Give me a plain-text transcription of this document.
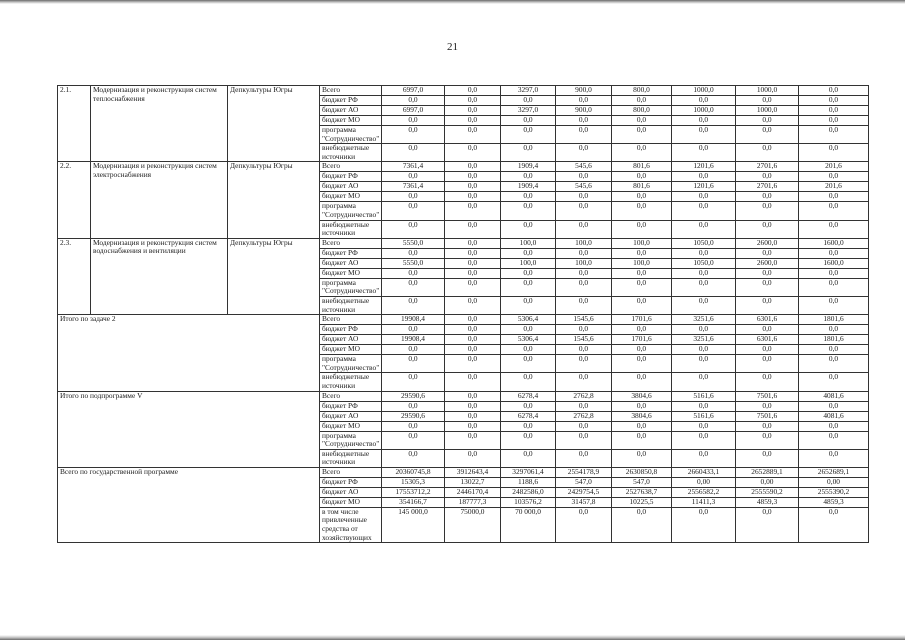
21
2.1.	Модернизация и реконструкция систем теплоснабжения	Депкультуры Югры	Всего	6997,0	0,0	3297,0	900,0	800,0	1000,0	1000,0	0,0
			бюджет РФ	0,0	0,0	0,0	0,0	0,0	0,0	0,0	0,0
			бюджет АО	6997,0	0,0	3297,0	900,0	800,0	1000,0	1000,0	0,0
			бюджет МО	0,0	0,0	0,0	0,0	0,0	0,0	0,0	0,0
			программа "Сотрудничество"	0,0	0,0	0,0	0,0	0,0	0,0	0,0	0,0
			внебюджетные источники	0,0	0,0	0,0	0,0	0,0	0,0	0,0	0,0
2.2.	Модернизация и реконструкция систем электроснабжения	Депкультуры Югры	Всего	7361,4	0,0	1909,4	545,6	801,6	1201,6	2701,6	201,6
			бюджет РФ	0,0	0,0	0,0	0,0	0,0	0,0	0,0	0,0
			бюджет АО	7361,4	0,0	1909,4	545,6	801,6	1201,6	2701,6	201,6
			бюджет МО	0,0	0,0	0,0	0,0	0,0	0,0	0,0	0,0
			программа "Сотрудничество"	0,0	0,0	0,0	0,0	0,0	0,0	0,0	0,0
			внебюджетные источники	0,0	0,0	0,0	0,0	0,0	0,0	0,0	0,0
2.3.	Модернизация и реконструкция систем водоснабжения и вентиляции	Депкультуры Югры	Всего	5550,0	0,0	100,0	100,0	100,0	1050,0	2600,0	1600,0
			бюджет РФ	0,0	0,0	0,0	0,0	0,0	0,0	0,0	0,0
			бюджет АО	5550,0	0,0	100,0	100,0	100,0	1050,0	2600,0	1600,0
			бюджет МО	0,0	0,0	0,0	0,0	0,0	0,0	0,0	0,0
			программа "Сотрудничество"	0,0	0,0	0,0	0,0	0,0	0,0	0,0	0,0
			внебюджетные источники	0,0	0,0	0,0	0,0	0,0	0,0	0,0	0,0
Итого по задаче 2			Всего	19908,4	0,0	5306,4	1545,6	1701,6	3251,6	6301,6	1801,6
			бюджет РФ	0,0	0,0	0,0	0,0	0,0	0,0	0,0	0,0
			бюджет АО	19908,4	0,0	5306,4	1545,6	1701,6	3251,6	6301,6	1801,6
			бюджет МО	0,0	0,0	0,0	0,0	0,0	0,0	0,0	0,0
			программа "Сотрудничество"	0,0	0,0	0,0	0,0	0,0	0,0	0,0	0,0
			внебюджетные источники	0,0	0,0	0,0	0,0	0,0	0,0	0,0	0,0
Итого по подпрограмме V			Всего	29590,6	0,0	6278,4	2762,8	3804,6	5161,6	7501,6	4081,6
			бюджет РФ	0,0	0,0	0,0	0,0	0,0	0,0	0,0	0,0
			бюджет АО	29590,6	0,0	6278,4	2762,8	3804,6	5161,6	7501,6	4081,6
			бюджет МО	0,0	0,0	0,0	0,0	0,0	0,0	0,0	0,0
			программа "Сотрудничество"	0,0	0,0	0,0	0,0	0,0	0,0	0,0	0,0
			внебюджетные источники	0,0	0,0	0,0	0,0	0,0	0,0	0,0	0,0
Всего по государственной программе			Всего	20360745,8	3912643,4	3297061,4	2554178,9	2630850,8	2660433,1	2652889,1	2652689,1
			бюджет РФ	15305,3	13022,7	1188,6	547,0	547,0	0,00	0,00	0,00
			бюджет АО	17553712,2	2446170,4	2482586,0	2429754,5	2527638,7	2556582,2	2555590,2	2555390,2
			бюджет МО	354166,7	187777,3	103576,2	31457,8	10225,5	11411,3	4859,3	4859,3
			в том числе привлеченные средства от хозяйствующих	145 000,0	75000,0	70 000,0	0,0	0,0	0,0	0,0	0,0
